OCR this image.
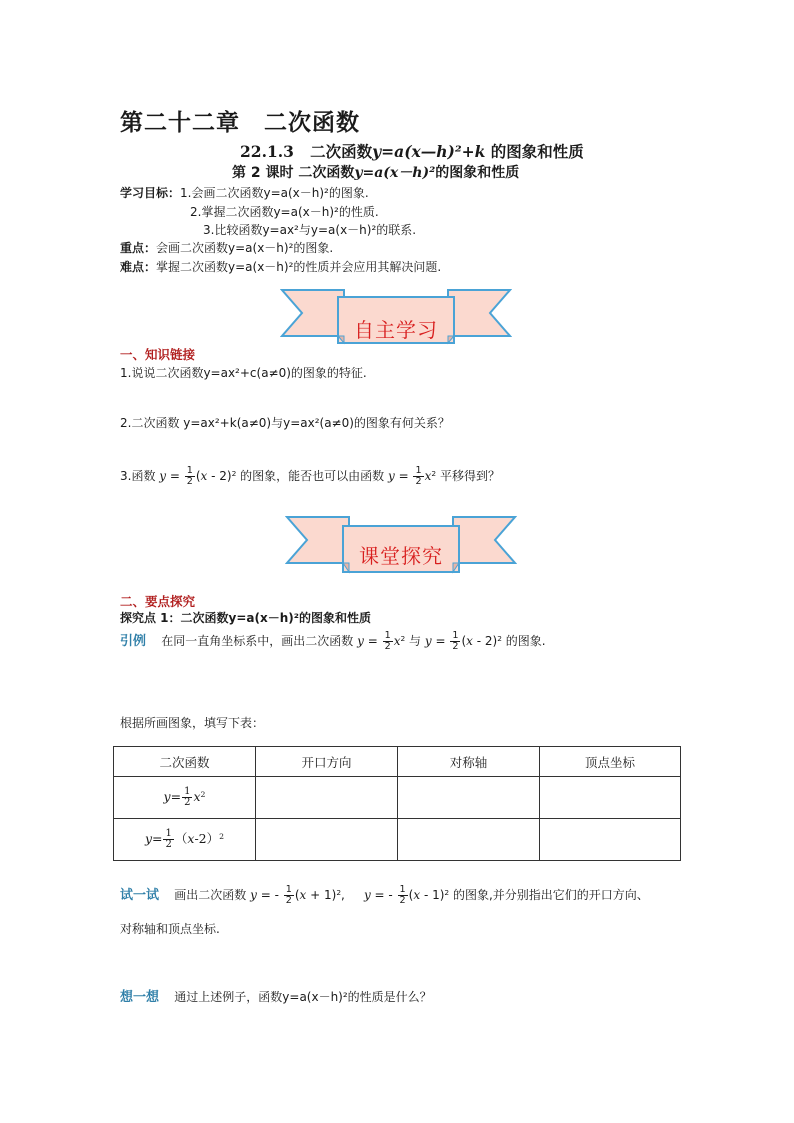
第二十二章　二次函数
22.1.3 二次函数y=a(x—h)²+k 的图象和性质
第 2 课时 二次函数y=a(x－h)²的图象和性质
学习目标：1.会画二次函数y=a(x－h)²的图象.
2.掌握二次函数y=a(x－h)²的性质.
3.比较函数y=ax²与y=a(x－h)²的联系.
重点：会画二次函数y=a(x－h)²的图象.
难点：掌握二次函数y=a(x－h)²的性质并会应用其解决问题.
自主学习
一、知识链接
1.说说二次函数y=ax²+c(a≠0)的图象的特征.
2.二次函数 y=ax²+k(a≠0)与y=ax²(a≠0)的图象有何关系？
3.函数 $y = \frac{1}{2} (x - 2)^2$ 的图象，能否也可以由函数 $y = \frac{1}{2} x^2$ 平移得到？
课堂探究
二、要点探究
探究点 1：二次函数y=a(x－h)²的图象和性质
引例 在同一直角坐标系中，画出二次函数 $y = \frac{1}{2} x^2$ 与 $y = \frac{1}{2} (x - 2)^2$ 的图象.
根据所画图象，填写下表：
二次函数	开口方向	对称轴	顶点坐标
$y= \frac{1}{2} x^2$			
$y= \frac{1}{2} (x-2)^2$			
试一试 画出二次函数 y = - $\frac{1}{2} (x + 1)^2$,     y = - $\frac{1}{2} (x - 1)^2$ 的图象,并分别指出它们的开口方向、
对称轴和顶点坐标.
想一想 通过上述例子，函数y=a(x－h)²的性质是什么？
